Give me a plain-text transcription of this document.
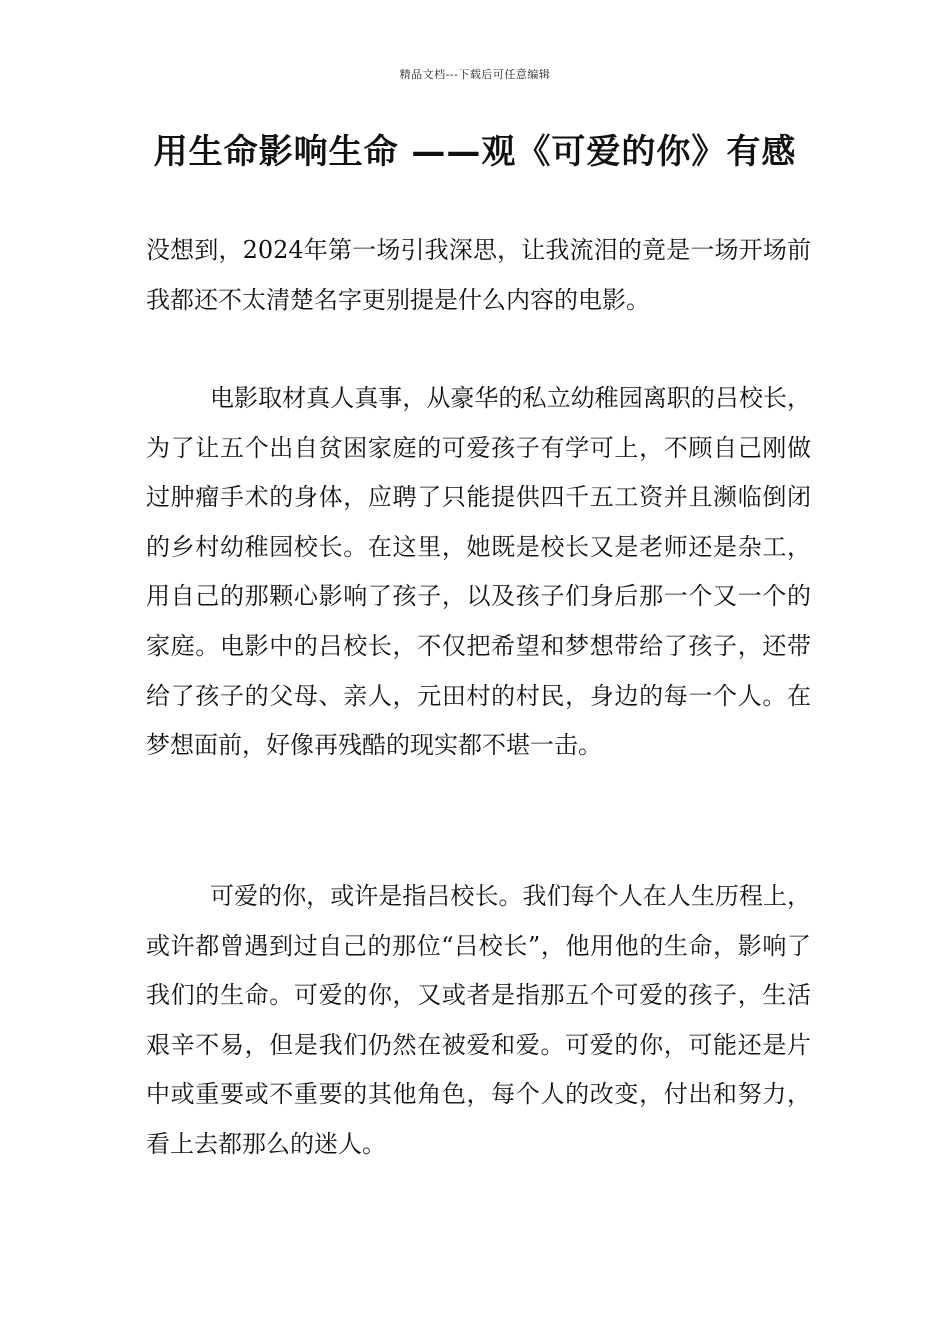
精品文档---下载后可任意编辑
用生命影响生命 ——观《可爱的你》有感

没想到，2024年第一场引我深思，让我流泪的竟是一场开场前我都还不太清楚名字更别提是什么内容的电影。

电影取材真人真事，从豪华的私立幼稚园离职的吕校长，为了让五个出自贫困家庭的可爱孩子有学可上，不顾自己刚做过肿瘤手术的身体，应聘了只能提供四千五工资并且濒临倒闭的乡村幼稚园校长。在这里，她既是校长又是老师还是杂工，用自己的那颗心影响了孩子，以及孩子们身后那一个又一个的家庭。电影中的吕校长，不仅把希望和梦想带给了孩子，还带给了孩子的父母、亲人，元田村的村民，身边的每一个人。在梦想面前，好像再残酷的现实都不堪一击。

可爱的你，或许是指吕校长。我们每个人在人生历程上，或许都曾遇到过自己的那位“吕校长”，他用他的生命，影响了我们的生命。可爱的你，又或者是指那五个可爱的孩子，生活艰辛不易，但是我们仍然在被爱和爱。可爱的你，可能还是片中或重要或不重要的其他角色，每个人的改变，付出和努力，看上去都那么的迷人。
